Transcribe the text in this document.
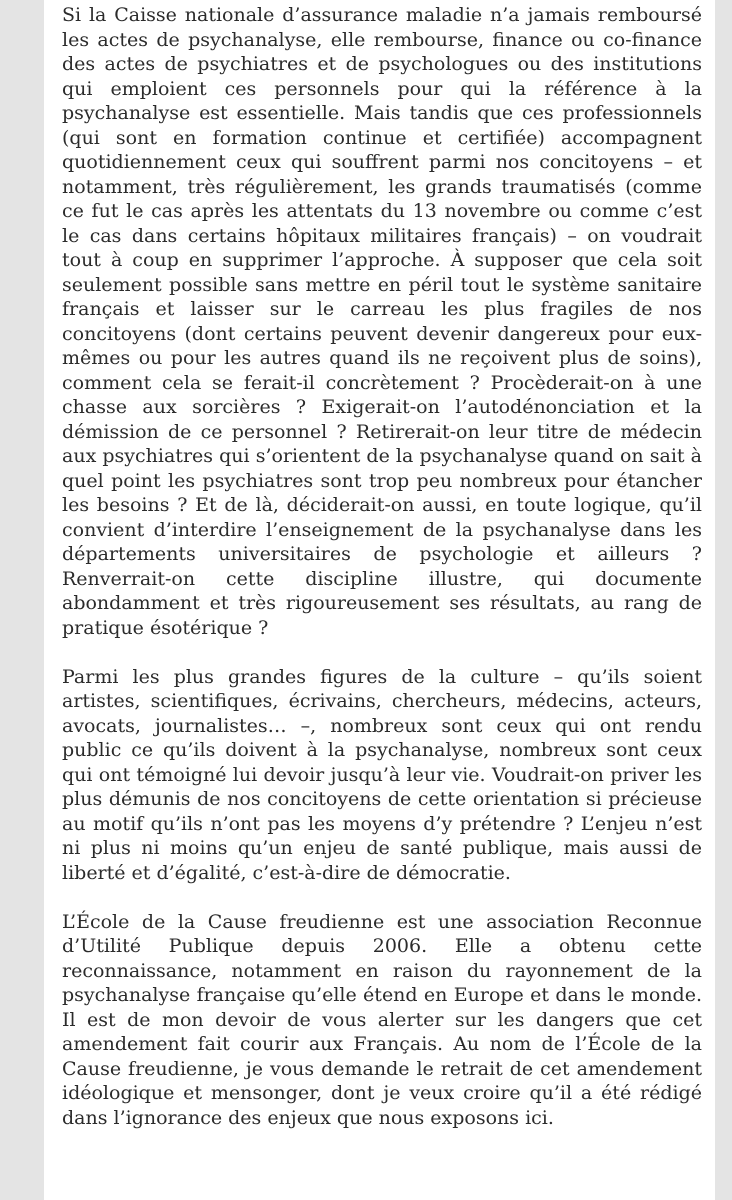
Si la Caisse nationale d’assurance maladie n’a jamais remboursé les actes de psychanalyse, elle rembourse, finance ou co-finance des actes de psychiatres et de psychologues ou des institutions qui emploient ces personnels pour qui la référence à la psychanalyse est essentielle. Mais tandis que ces professionnels (qui sont en formation continue et certifiée) accompagnent quotidiennement ceux qui souffrent parmi nos concitoyens – et notamment, très régulièrement, les grands traumatisés (comme ce fut le cas après les attentats du 13 novembre ou comme c’est le cas dans certains hôpitaux militaires français) – on voudrait tout à coup en supprimer l’approche. À supposer que cela soit seulement possible sans mettre en péril tout le système sanitaire français et laisser sur le carreau les plus fragiles de nos concitoyens (dont certains peuvent devenir dangereux pour eux-mêmes ou pour les autres quand ils ne reçoivent plus de soins), comment cela se ferait-il concrètement ? Procèderait-on à une chasse aux sorcières ? Exigerait-on l’autodénonciation et la démission de ce personnel ? Retirerait-on leur titre de médecin aux psychiatres qui s’orientent de la psychanalyse quand on sait à quel point les psychiatres sont trop peu nombreux pour étancher les besoins ? Et de là, déciderait-on aussi, en toute logique, qu’il convient d’interdire l’enseignement de la psychanalyse dans les départements universitaires de psychologie et ailleurs ? Renverrait-on cette discipline illustre, qui documente abondamment et très rigoureusement ses résultats, au rang de pratique ésotérique ?

Parmi les plus grandes figures de la culture – qu’ils soient artistes, scientifiques, écrivains, chercheurs, médecins, acteurs, avocats, journalistes… –, nombreux sont ceux qui ont rendu public ce qu’ils doivent à la psychanalyse, nombreux sont ceux qui ont témoigné lui devoir jusqu’à leur vie. Voudrait-on priver les plus démunis de nos concitoyens de cette orientation si précieuse au motif qu’ils n’ont pas les moyens d’y prétendre ? L’enjeu n’est ni plus ni moins qu’un enjeu de santé publique, mais aussi de liberté et d’égalité, c’est-à-dire de démocratie.

L’École de la Cause freudienne est une association Reconnue d’Utilité Publique depuis 2006. Elle a obtenu cette reconnaissance, notamment en raison du rayonnement de la psychanalyse française qu’elle étend en Europe et dans le monde. Il est de mon devoir de vous alerter sur les dangers que cet amendement fait courir aux Français. Au nom de l’École de la Cause freudienne, je vous demande le retrait de cet amendement idéologique et mensonger, dont je veux croire qu’il a été rédigé dans l’ignorance des enjeux que nous exposons ici.
